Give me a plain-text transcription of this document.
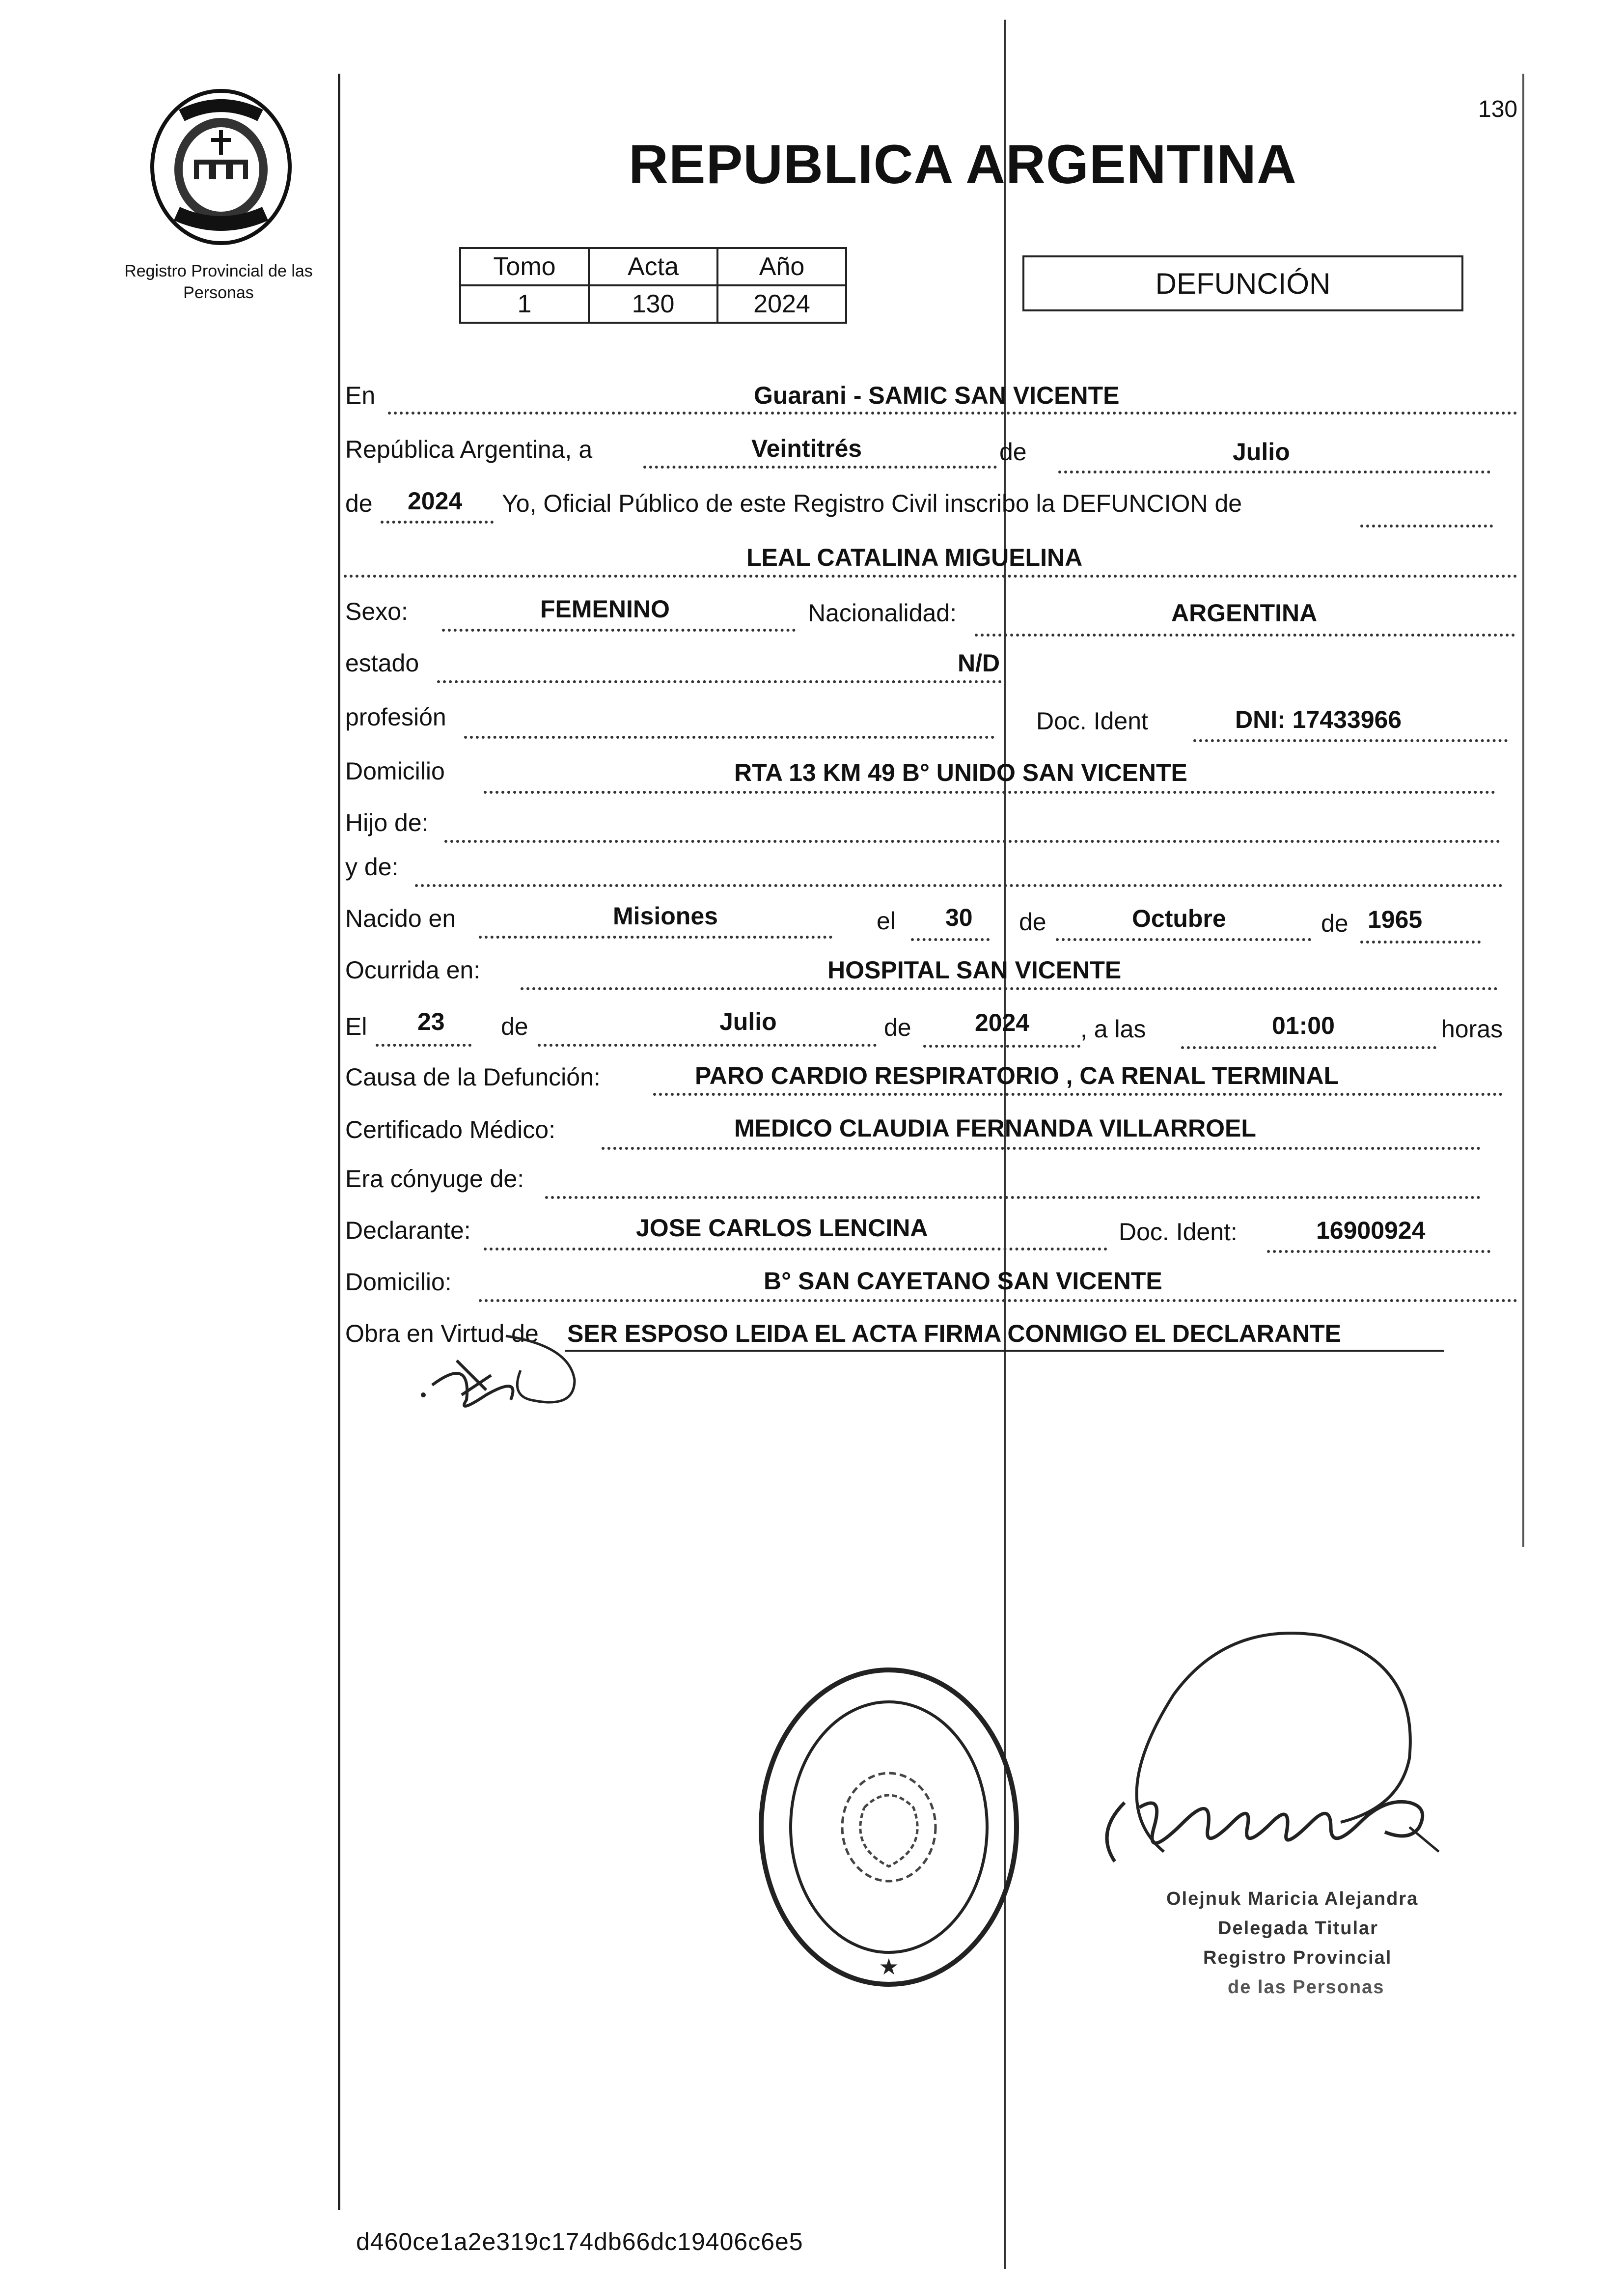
Registro Provincial de las Personas
130
REPUBLICA ARGENTINA
Tomo	Acta	Año
1	130	2024
DEFUNCIÓN
En	Guarani - SAMIC SAN VICENTE
República Argentina, a	Veintitrés	de	Julio
de 2024 Yo, Oficial Público de este Registro Civil inscribo la DEFUNCION de
LEAL CATALINA MIGUELINA
Sexo:	FEMENINO	Nacionalidad:	ARGENTINA
estado	N/D
profesión	Doc. Ident	DNI: 17433966
Domicilio	RTA 13 KM 49 B° UNIDO SAN VICENTE
Hijo de:
y de:
Nacido en	Misiones	el 30 de	Octubre	de 1965
Ocurrida en:	HOSPITAL SAN VICENTE
El 23 de	Julio	de	2024 , a las	01:00	horas
Causa de la Defunción:	PARO CARDIO RESPIRATORIO , CA RENAL TERMINAL
Certificado Médico:	MEDICO CLAUDIA FERNANDA VILLARROEL
Era cónyuge de:
Declarante:	JOSE CARLOS LENCINA	Doc. Ident:	16900924
Domicilio:	B° SAN CAYETANO SAN VICENTE
Obra en Virtud de SER ESPOSO LEIDA EL ACTA FIRMA CONMIGO EL DECLARANTE
★
Olejnuk Maricia Alejandra
Delegada Titular
Registro Provincial
de las Personas
d460ce1a2e319c174db66dc19406c6e5
